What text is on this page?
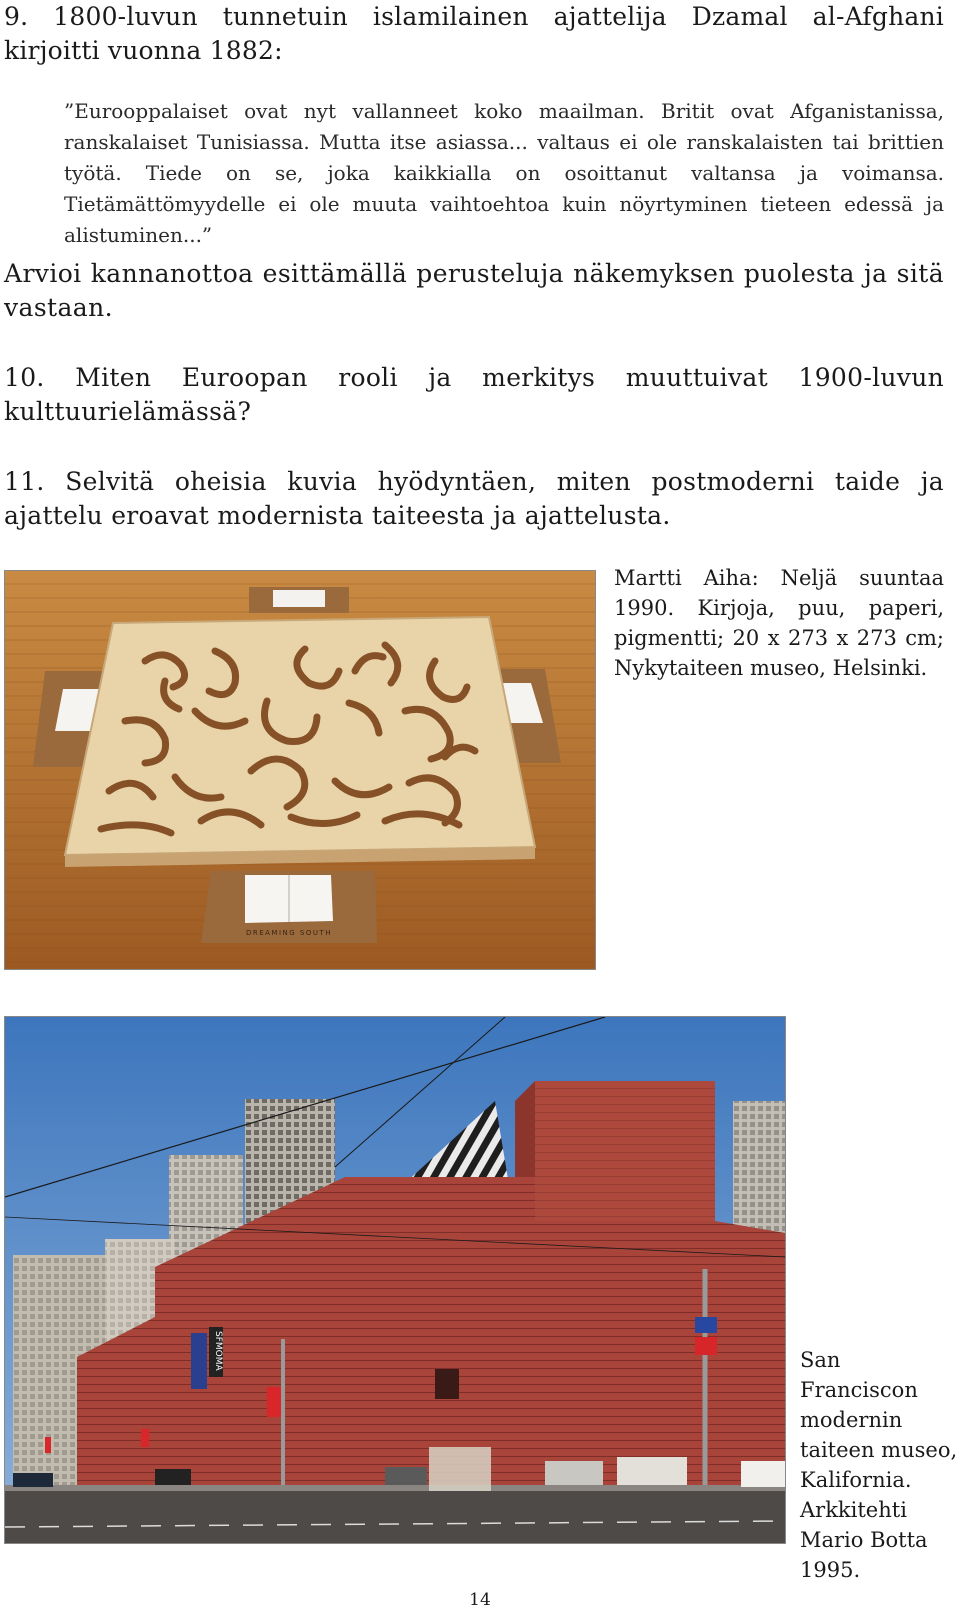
9. 1800-luvun tunnetuin islamilainen ajattelija Dzamal al-Afghani kirjoitti vuonna 1882:

”Eurooppalaiset ovat nyt vallanneet koko maailman. Britit ovat Afganistanissa, ranskalaiset Tunisiassa. Mutta itse asiassa... valtaus ei ole ranskalaisten tai brittien työtä. Tiede on se, joka kaikkialla on osoittanut valtansa ja voimansa. Tietämättömyydelle ei ole muuta vaihtoehtoa kuin nöyrtyminen tieteen edessä ja alistuminen...”

Arvioi kannanottoa esittämällä perusteluja näkemyksen puolesta ja sitä vastaan.

10. Miten Euroopan rooli ja merkitys muuttuivat 1900-luvun kulttuurielämässä?

11. Selvitä oheisia kuvia hyödyntäen, miten postmoderni taide ja ajattelu eroavat modernista taiteesta ja ajattelusta.

DREAMING SOUTH

Martti Aiha: Neljä suuntaa 1990. Kirjoja, puu, paperi, pigmentti; 20 x 273 x 273 cm; Nykytaiteen museo, Helsinki.

SFMOMA	San Franciscon modernin taiteen museo, Kalifornia. Arkkitehti Mario Botta 1995.

14
